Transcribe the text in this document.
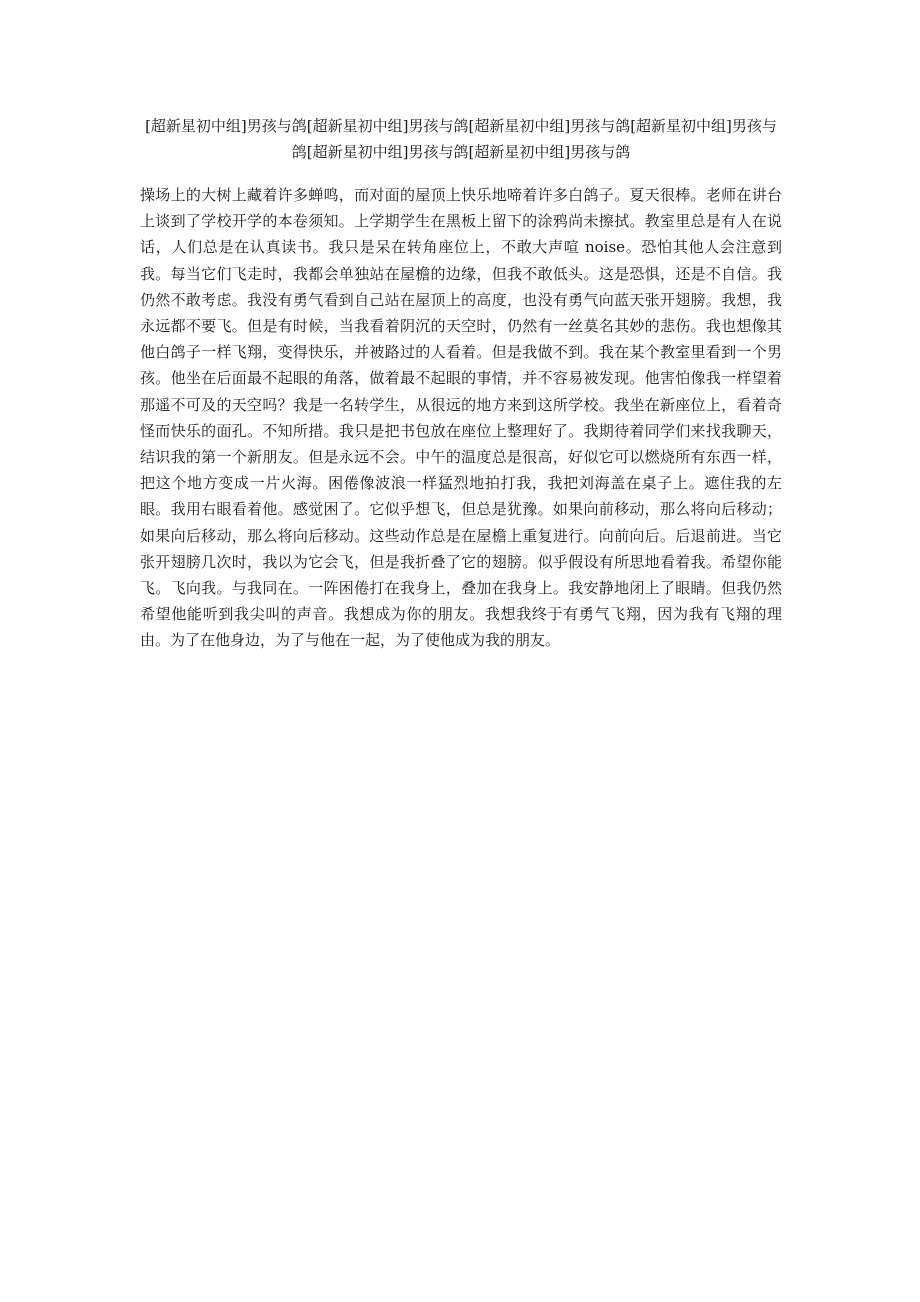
[超新星初中组]男孩与鸽[超新星初中组]男孩与鸽[超新星初中组]男孩与鸽[超新星初中组]男孩与鸽[超新星初中组]男孩与鸽[超新星初中组]男孩与鸽

操场上的大树上藏着许多蝉鸣，而对面的屋顶上快乐地啼着许多白鸽子。夏天很棒。老师在讲台上谈到了学校开学的本卷须知。上学期学生在黑板上留下的涂鸦尚未擦拭。教室里总是有人在说话，人们总是在认真读书。我只是呆在转角座位上，不敢大声喧 noise。恐怕其他人会注意到我。每当它们飞走时，我都会单独站在屋檐的边缘，但我不敢低头。这是恐惧，还是不自信。我仍然不敢考虑。我没有勇气看到自己站在屋顶上的高度，也没有勇气向蓝天张开翅膀。我想，我永远都不要飞。但是有时候，当我看着阴沉的天空时，仍然有一丝莫名其妙的悲伤。我也想像其他白鸽子一样飞翔，变得快乐，并被路过的人看着。但是我做不到。我在某个教室里看到一个男孩。他坐在后面最不起眼的角落，做着最不起眼的事情，并不容易被发现。他害怕像我一样望着那遥不可及的天空吗？我是一名转学生，从很远的地方来到这所学校。我坐在新座位上，看着奇怪而快乐的面孔。不知所措。我只是把书包放在座位上整理好了。我期待着同学们来找我聊天，结识我的第一个新朋友。但是永远不会。中午的温度总是很高，好似它可以燃烧所有东西一样，把这个地方变成一片火海。困倦像波浪一样猛烈地拍打我，我把刘海盖在桌子上。遮住我的左眼。我用右眼看着他。感觉困了。它似乎想飞，但总是犹豫。如果向前移动，那么将向后移动；如果向后移动，那么将向后移动。这些动作总是在屋檐上重复进行。向前向后。后退前进。当它张开翅膀几次时，我以为它会飞，但是我折叠了它的翅膀。似乎假设有所思地看着我。希望你能飞。飞向我。与我同在。一阵困倦打在我身上，叠加在我身上。我安静地闭上了眼睛。但我仍然希望他能听到我尖叫的声音。我想成为你的朋友。我想我终于有勇气飞翔，因为我有飞翔的理由。为了在他身边，为了与他在一起，为了使他成为我的朋友。
